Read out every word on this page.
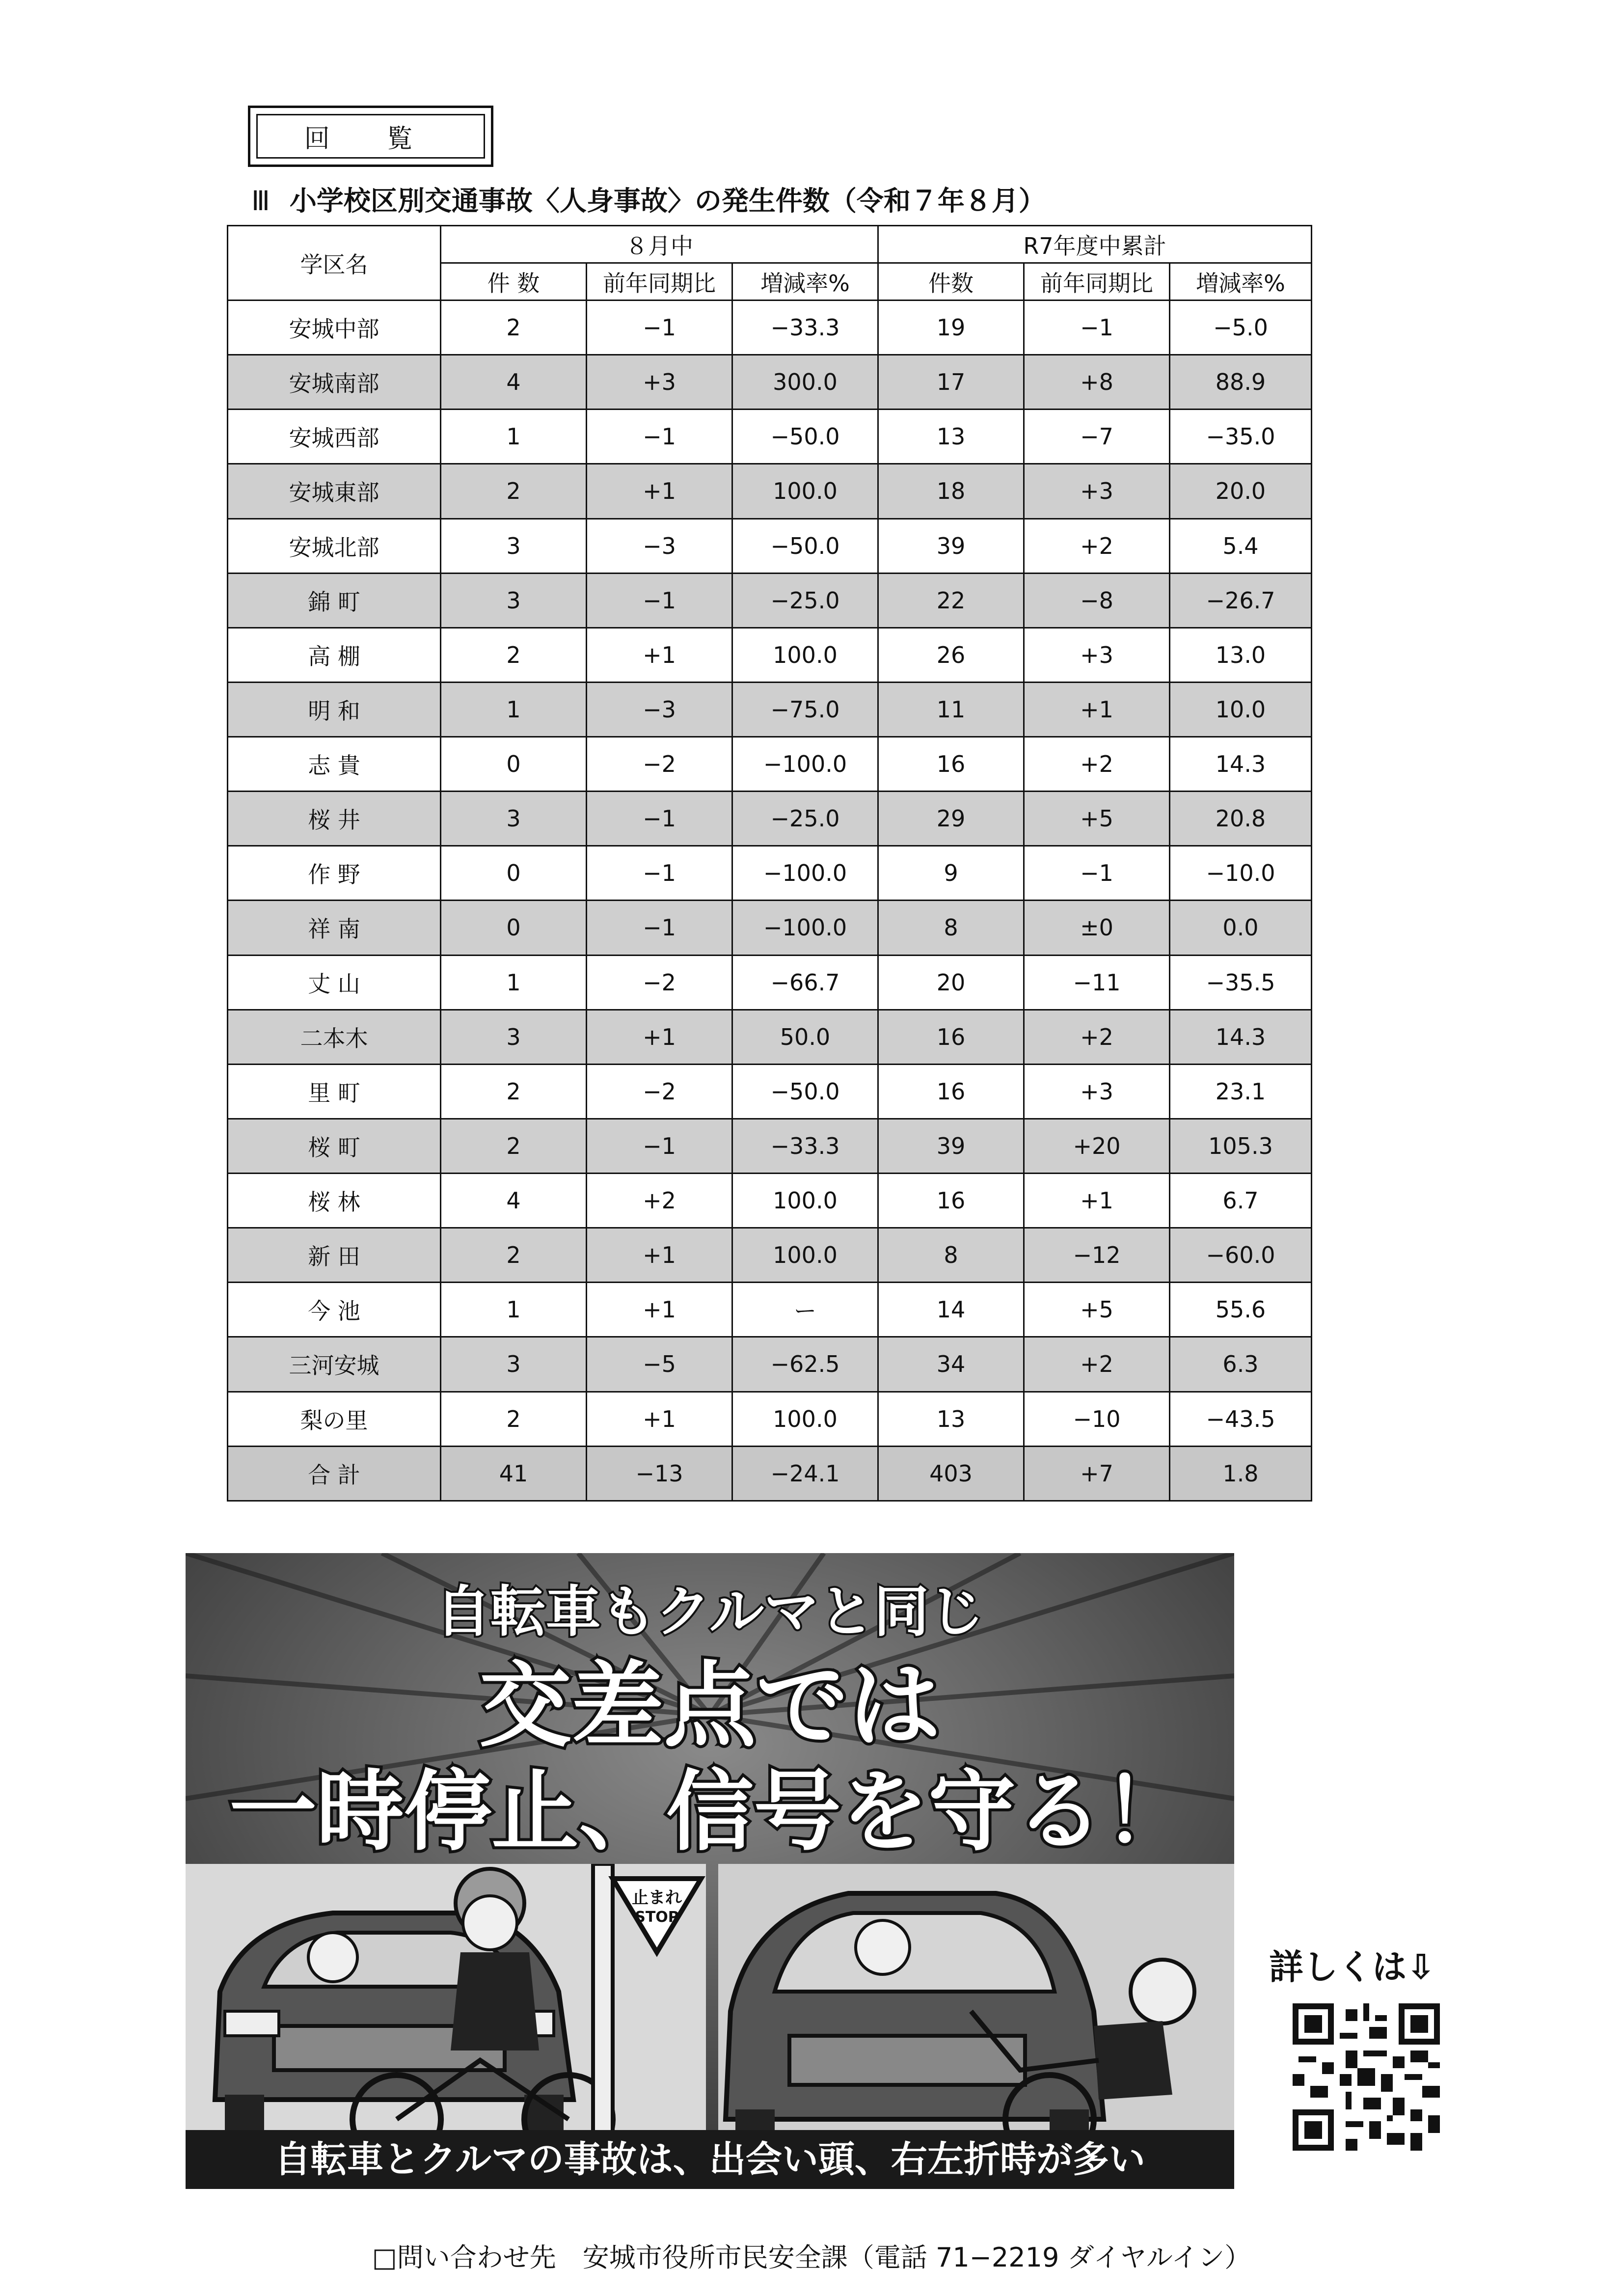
回 覧
Ⅲ 小学校区別交通事故〈人身事故〉の発生件数（令和７年８月）
学区名	８月中			R7年度中累計		
	件 数	前年同期比	増減率%	件数	前年同期比	増減率%
安城中部	2	−1	−33.3	19	−1	−5.0
安城南部	4	+3	300.0	17	+8	88.9
安城西部	1	−1	−50.0	13	−7	−35.0
安城東部	2	+1	100.0	18	+3	20.0
安城北部	3	−3	−50.0	39	+2	5.4
錦 町	3	−1	−25.0	22	−8	−26.7
高 棚	2	+1	100.0	26	+3	13.0
明 和	1	−3	−75.0	11	+1	10.0
志 貴	0	−2	−100.0	16	+2	14.3
桜 井	3	−1	−25.0	29	+5	20.8
作 野	0	−1	−100.0	9	−1	−10.0
祥 南	0	−1	−100.0	8	±0	0.0
丈 山	1	−2	−66.7	20	−11	−35.5
二本木	3	+1	50.0	16	+2	14.3
里 町	2	−2	−50.0	16	+3	23.1
桜 町	2	−1	−33.3	39	+20	105.3
桜 林	4	+2	100.0	16	+1	6.7
新 田	2	+1	100.0	8	−12	−60.0
今 池	1	+1	ー	14	+5	55.6
三河安城	3	−5	−62.5	34	+2	6.3
梨の里	2	+1	100.0	13	−10	−43.5
合 計	41	−13	−24.1	403	+7	1.8
自転車もクルマと同じ
交差点では
一時停止、信号を守る！
止まれ
STOP
自転車とクルマの事故は、出会い頭、右左折時が多い
詳しくは⇩
□問い合わせ先　安城市役所市民安全課（電話 71−2219 ダイヤルイン）
